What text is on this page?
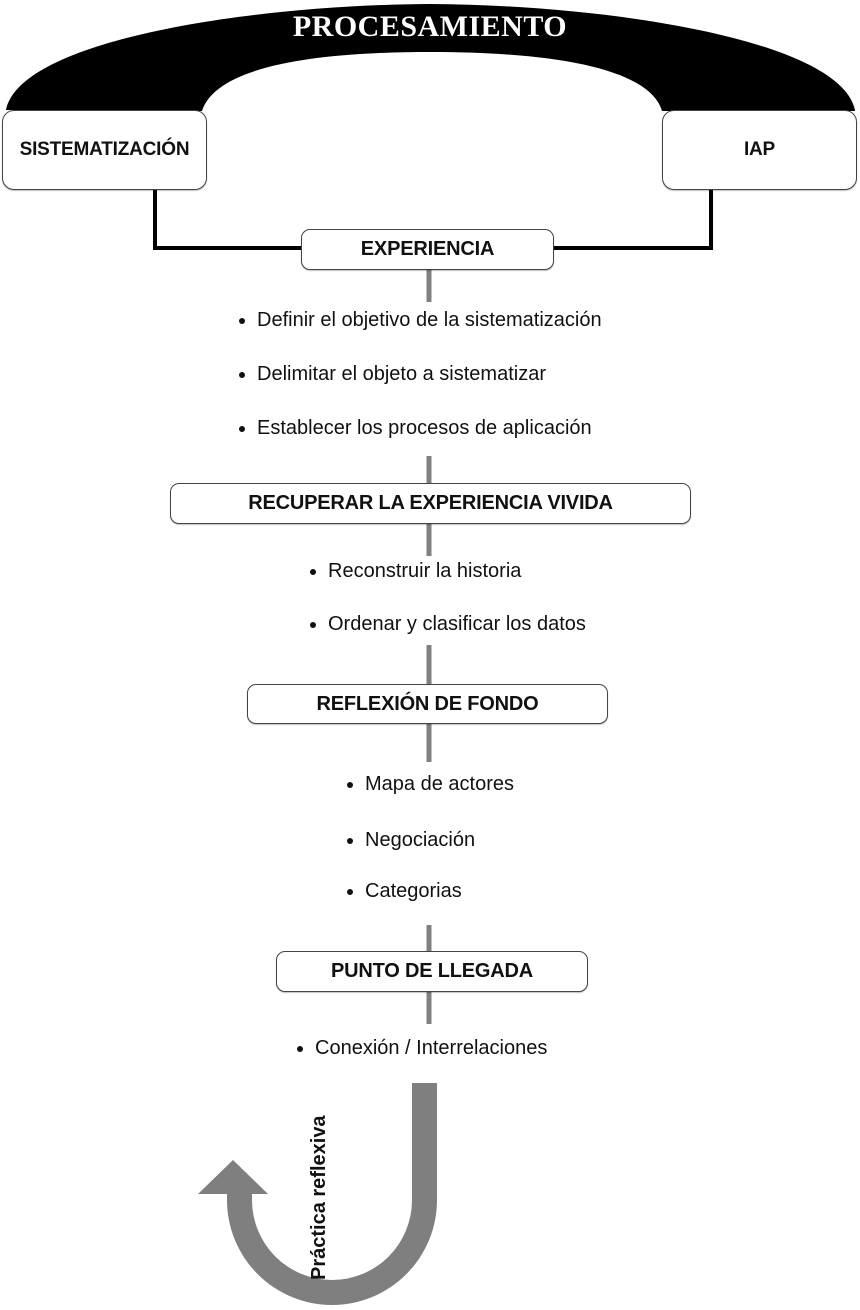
PROCESAMIENTO
SISTEMATIZACIÓN	IAP
EXPERIENCIA
Definir el objetivo de la sistematización
Delimitar el objeto a sistematizar
Establecer los procesos de aplicación
RECUPERAR LA EXPERIENCIA VIVIDA
Reconstruir la historia
Ordenar y clasificar los datos
REFLEXIÓN DE FONDO
Mapa de actores
Negociación
Categorias
PUNTO DE LLEGADA
Conexión / Interrelaciones
Práctica reflexiva
